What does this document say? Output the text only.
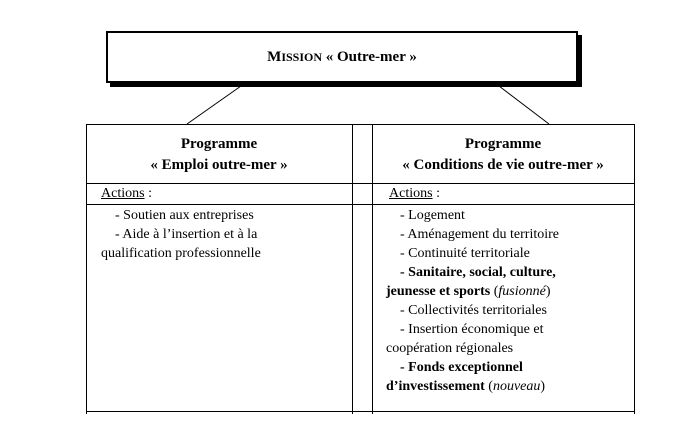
MISSION « Outre-mer »
Programme
« Emploi outre-mer »
Programme
« Conditions de vie outre-mer »
Actions :	Actions :
- Soutien aux entreprises
- Aide à l’insertion et à la
qualification professionnelle
- Logement
- Aménagement du territoire
- Continuité territoriale
- Sanitaire, social, culture,
jeunesse et sports (fusionné)
- Collectivités territoriales
- Insertion économique et
coopération régionales
- Fonds exceptionnel
d’investissement (nouveau)
